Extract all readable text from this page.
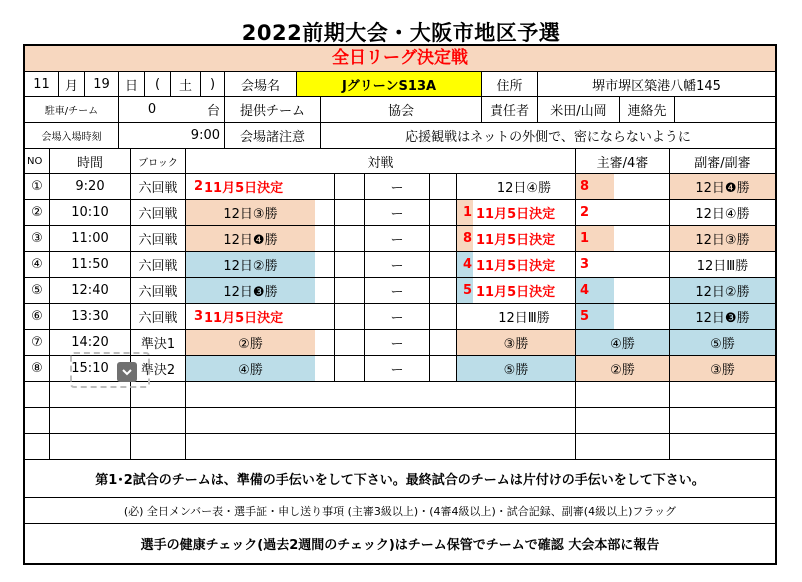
2022前期大会・大阪市地区予選
全日リーグ決定戦
11	月	19	日	(	土	)	会場名	JグリーンS13A	住所	堺市堺区築港八幡145
駐車/チーム	0	台	提供チーム	協会	責任者	米田/山岡	連絡先
会場入場時刻	9:00	会場諸注意	応援観戦はネットの外側で、密にならないように
NO	時間	ブロック	対戦	主審/4審	副審/副審
①	9:20	六回戦	2 11月5日決定	ー	12日④勝	8	12日❹勝
②	10:10	六回戦	12日③勝	ー	1 11月5日決定	2	12日④勝
③	11:00	六回戦	12日❹勝	ー	8 11月5日決定	1	12日③勝
④	11:50	六回戦	12日②勝	ー	4 11月5日決定	3	12日Ⅲ勝
⑤	12:40	六回戦	12日❸勝	ー	5 11月5日決定	4	12日②勝
⑥	13:30	六回戦	3 11月5日決定	ー	12日Ⅲ勝	5	12日❸勝
⑦	14:20	準決1	②勝	ー	③勝	④勝	⑤勝
⑧	15:10	準決2	④勝	ー	⑤勝	②勝	③勝
第1･2試合のチームは、準備の手伝いをして下さい。最終試合のチームは片付けの手伝いをして下さい。
(必) 全日メンバー表・選手証・申し送り事項 (主審3級以上)・(4審4級以上)・試合記録、副審(4級以上)フラッグ
選手の健康チェック(過去2週間のチェック)はチーム保管でチームで確認 大会本部に報告
